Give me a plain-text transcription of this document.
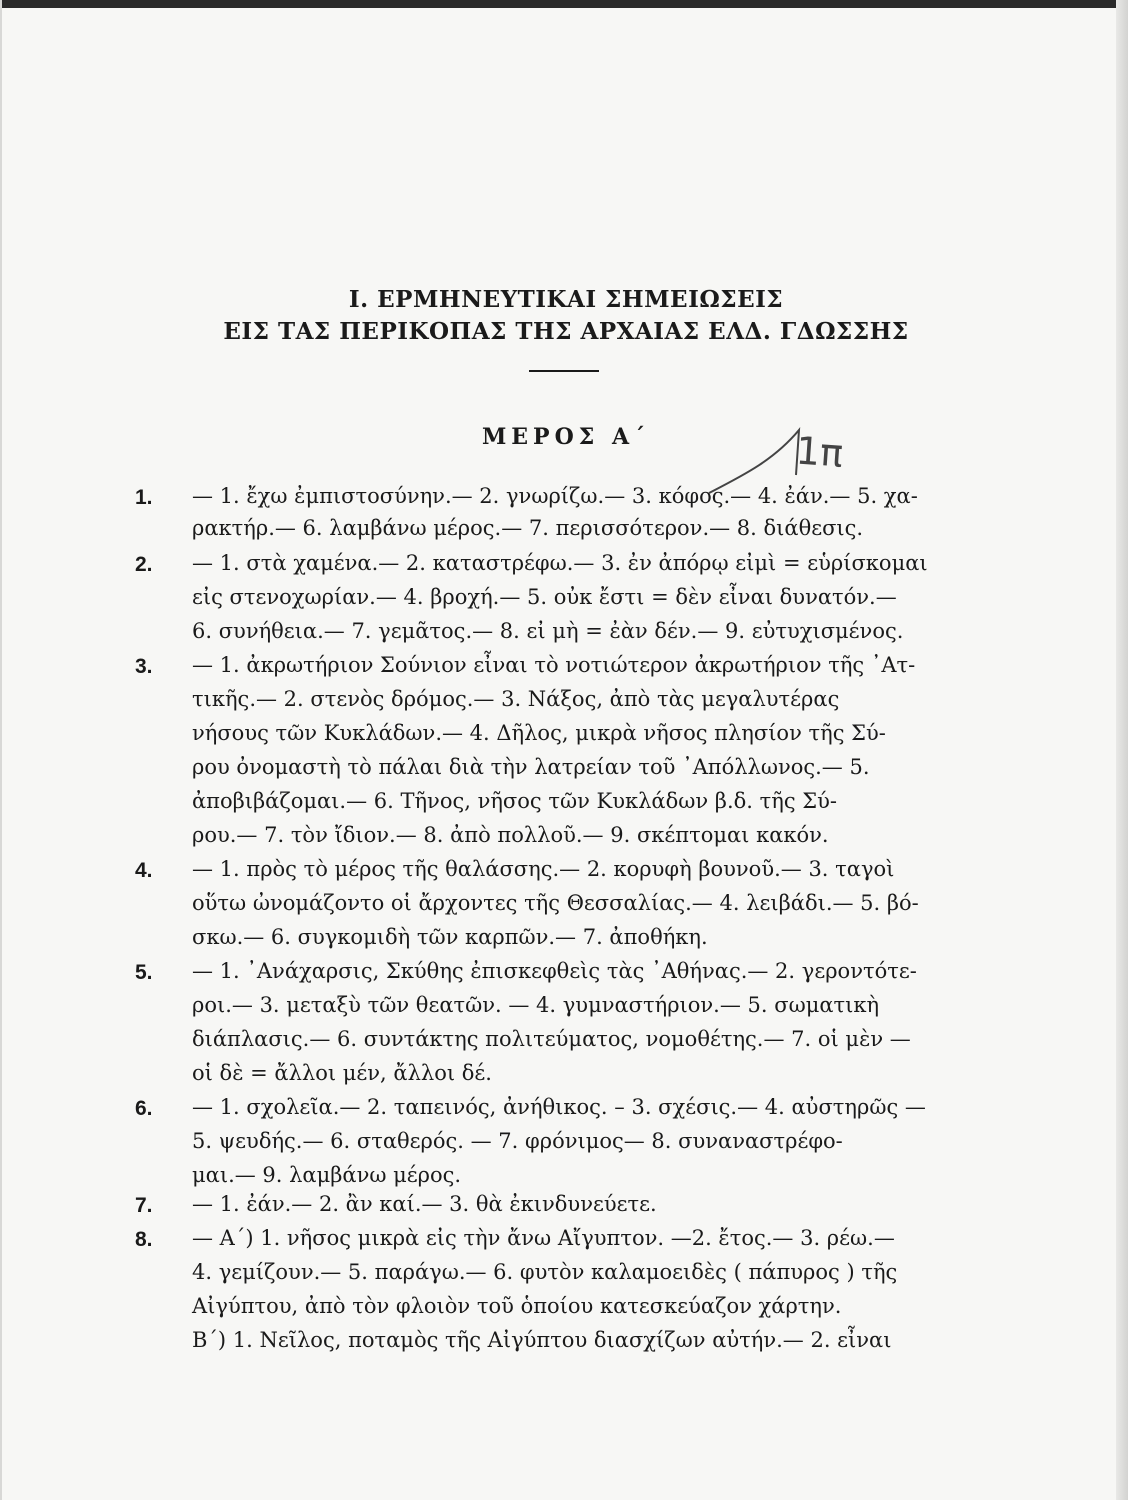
I. ΕΡΜΗΝΕΥΤΙΚΑΙ ΣΗΜΕΙΩΣΕΙΣ
ΕΙΣ ΤΑΣ ΠΕΡΙΚΟΠΑΣ ΤΗΣ ΑΡΧΑΙΑΣ ΕΛΔ. ΓΔΩΣΣΗΣ
ΜΕΡΟΣ Α΄	1π
1. — 1. ἔχω ἐμπιστοσύνην.— 2. γνωρίζω.— 3. κόφος.— 4. ἐάν.— 5. χα-
ρακτήρ.— 6. λαμβάνω μέρος.— 7. περισσότερον.— 8. διάθεσις.
2. — 1. στὰ χαμένα.— 2. καταστρέφω.— 3. ἐν ἀπόρῳ εἰμὶ = εὑρίσκομαι
εἰς στενοχωρίαν.— 4. βροχή.— 5. οὐκ ἔστι = δὲν εἶναι δυνατόν.—
6. συνήθεια.— 7. γεμᾶτος.— 8. εἰ μὴ = ἐὰν δέν.— 9. εὐτυχισμένος.
3. — 1. ἀκρωτήριον Σούνιον εἶναι τὸ νοτιώτερον ἀκρωτήριον τῆς ᾿Ατ-
τικῆς.— 2. στενὸς δρόμος.— 3. Νάξος, ἀπὸ τὰς μεγαλυτέρας
νήσους τῶν Κυκλάδων.— 4. Δῆλος, μικρὰ νῆσος πλησίον τῆς Σύ-
ρου ὀνομαστὴ τὸ πάλαι διὰ τὴν λατρείαν τοῦ ᾿Απόλλωνος.— 5.
ἀποβιβάζομαι.— 6. Τῆνος, νῆσος τῶν Κυκλάδων β.δ. τῆς Σύ-
ρου.— 7. τὸν ἴδιον.— 8. ἀπὸ πολλοῦ.— 9. σκέπτομαι κακόν.
4. — 1. πρὸς τὸ μέρος τῆς θαλάσσης.— 2. κορυφὴ βουνοῦ.— 3. ταγοὶ
οὕτω ὠνομάζοντο οἱ ἄρχοντες τῆς Θεσσαλίας.— 4. λειβάδι.— 5. βό-
σκω.— 6. συγκομιδὴ τῶν καρπῶν.— 7. ἀποθήκη.
5. — 1. ᾿Ανάχαρσις, Σκύθης ἐπισκεφθεὶς τὰς ᾿Αθήνας.— 2. γεροντότε-
ροι.— 3. μεταξὺ τῶν θεατῶν. — 4. γυμναστήριον.— 5. σωματικὴ
διάπλασις.— 6. συντάκτης πολιτεύματος, νομοθέτης.— 7. οἱ μὲν —
οἱ δὲ = ἄλλοι μέν, ἄλλοι δέ.
6. — 1. σχολεῖα.— 2. ταπεινός, ἀνήθικος. – 3. σχέσις.— 4. αὐστηρῶς —
5. ψευδής.— 6. σταθερός. — 7. φρόνιμος— 8. συναναστρέφο-
μαι.— 9. λαμβάνω μέρος.
7. — 1. ἐάν.— 2. ἂν καί.— 3. θὰ ἐκινδυνεύετε.
8. — Α΄) 1. νῆσος μικρὰ εἰς τὴν ἄνω Αἴγυπτον. —2. ἔτος.— 3. ρέω.—
4. γεμίζουν.— 5. παράγω.— 6. φυτὸν καλαμοειδὲς ( πάπυρος ) τῆς
Αἰγύπτου, ἀπὸ τὸν φλοιὸν τοῦ ὁποίου κατεσκεύαζον χάρτην.
Β΄) 1. Νεῖλος, ποταμὸς τῆς Αἰγύπτου διασχίζων αὐτήν.— 2. εἶναι
